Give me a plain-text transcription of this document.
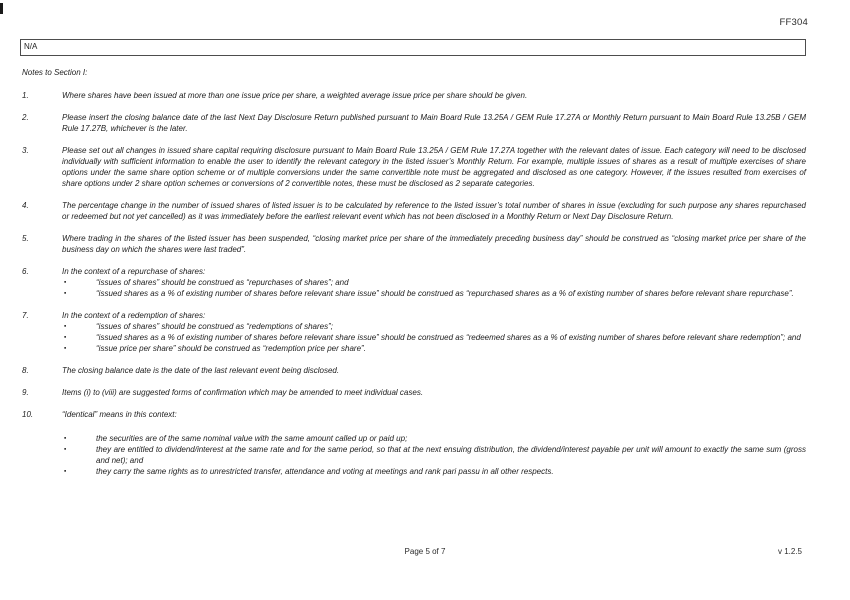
FF304
N/A
Notes to Section I:
1.	Where shares have been issued at more than one issue price per share, a weighted average issue price per share should be given.
2.	Please insert the closing balance date of the last Next Day Disclosure Return published pursuant to Main Board Rule 13.25A / GEM Rule 17.27A or Monthly Return pursuant to Main Board Rule 13.25B / GEM Rule 17.27B, whichever is the later.
3.	Please set out all changes in issued share capital requiring disclosure pursuant to Main Board Rule 13.25A / GEM Rule 17.27A together with the relevant dates of issue. Each category will need to be disclosed individually with sufficient information to enable the user to identify the relevant category in the listed issuer’s Monthly Return. For example, multiple issues of shares as a result of multiple exercises of share options under the same share option scheme or of multiple conversions under the same convertible note must be aggregated and disclosed as one category. However, if the issues resulted from exercises of share options under 2 share option schemes or conversions of 2 convertible notes, these must be disclosed as 2 separate categories.
4.	The percentage change in the number of issued shares of listed issuer is to be calculated by reference to the listed issuer’s total number of shares in issue (excluding for such purpose any shares repurchased or redeemed but not yet cancelled) as it was immediately before the earliest relevant event which has not been disclosed in a Monthly Return or Next Day Disclosure Return.
5.	Where trading in the shares of the listed issuer has been suspended, “closing market price per share of the immediately preceding business day” should be construed as “closing market price per share of the business day on which the shares were last traded”.
6.	In the context of a repurchase of shares:
▪	“issues of shares” should be construed as “repurchases of shares”; and
▪	“issued shares as a % of existing number of shares before relevant share issue” should be construed as “repurchased shares as a % of existing number of shares before relevant share repurchase”.
7.	In the context of a redemption of shares:
▪	“issues of shares” should be construed as “redemptions of shares”;
▪	“issued shares as a % of existing number of shares before relevant share issue” should be construed as “redeemed shares as a % of existing number of shares before relevant share redemption”; and
▪	“issue price per share” should be construed as “redemption price per share”.
8.	The closing balance date is the date of the last relevant event being disclosed.
9.	Items (i) to (viii) are suggested forms of confirmation which may be amended to meet individual cases.
10.	“Identical” means in this context:
▪	the securities are of the same nominal value with the same amount called up or paid up;
▪	they are entitled to dividend/interest at the same rate and for the same period, so that at the next ensuing distribution, the dividend/interest payable per unit will amount to exactly the same sum (gross and net); and
▪	they carry the same rights as to unrestricted transfer, attendance and voting at meetings and rank pari passu in all other respects.
Page 5 of 7	v 1.2.5
